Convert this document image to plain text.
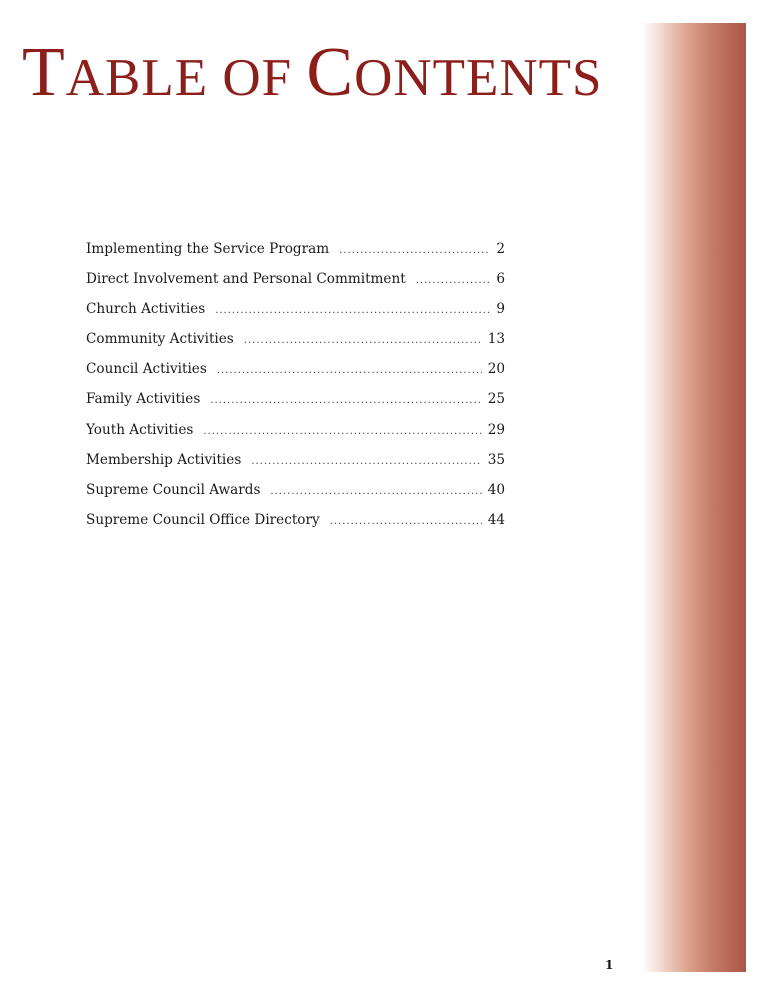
TABLE OF CONTENTS
Implementing the Service Program .....	2
Direct Involvement and Personal Commitment .....	6
Church Activities .....	9
Community Activities .....	13
Council Activities .....	20
Family Activities .....	25
Youth Activities .....	29
Membership Activities .....	35
Supreme Council Awards .....	40
Supreme Council Office Directory .....	44
1
